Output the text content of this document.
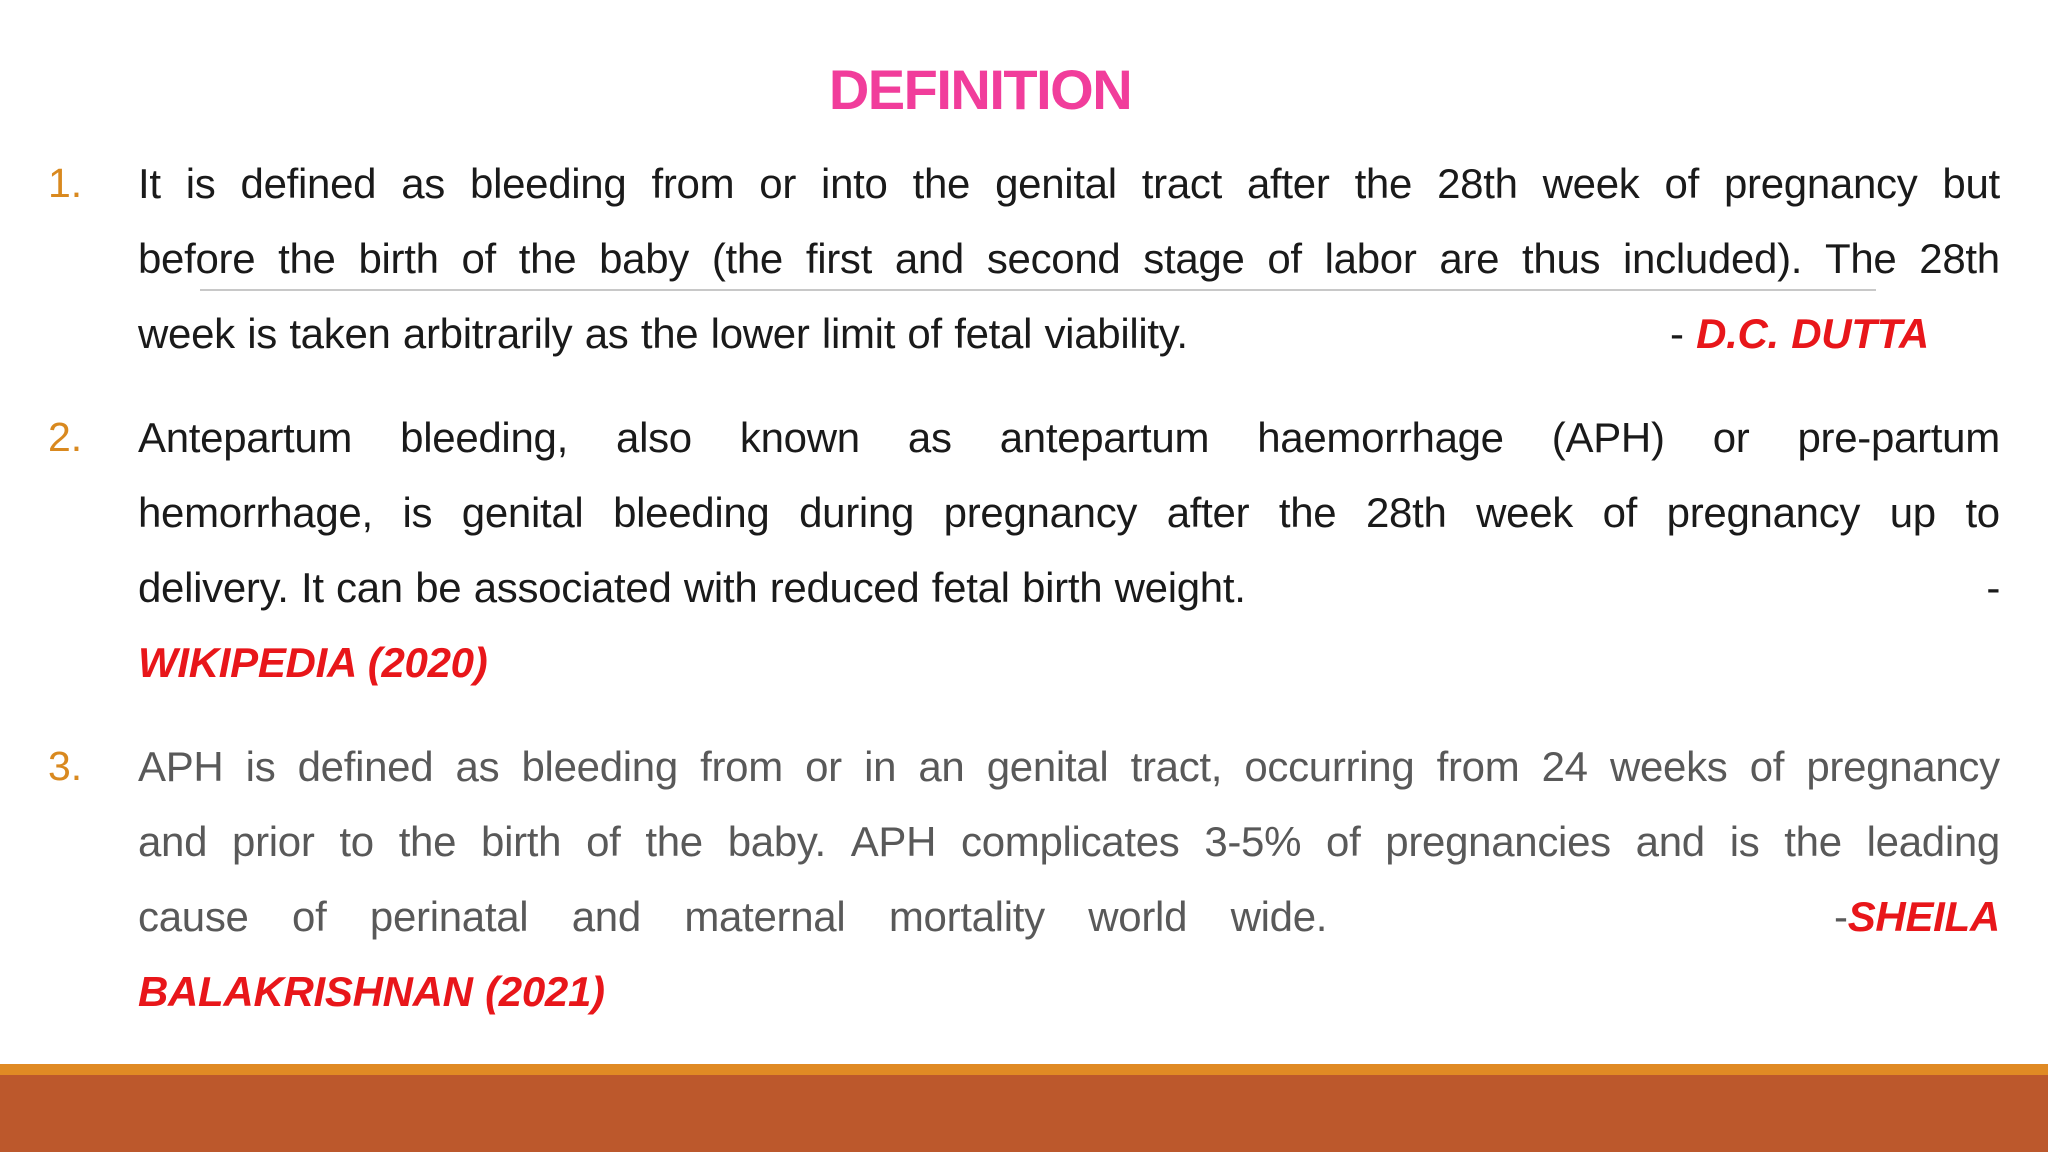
DEFINITION
1. It is defined as bleeding from or into the genital tract after the 28th week of pregnancy but
before the birth of the baby (the first and second stage of labor are thus included). The 28th
week is taken arbitrarily as the lower limit of fetal viability.	- D.C. DUTTA
2. Antepartum bleeding, also known as antepartum haemorrhage (APH) or pre-partum
hemorrhage, is genital bleeding during pregnancy after the 28th week of pregnancy up to
delivery. It can be associated with reduced fetal birth weight.	-
WIKIPEDIA (2020)
3. APH is defined as bleeding from or in an genital tract, occurring from 24 weeks of pregnancy
and prior to the birth of the baby. APH complicates 3-5% of pregnancies and is the leading
cause of perinatal and maternal mortality world wide.	-SHEILA
BALAKRISHNAN (2021)
